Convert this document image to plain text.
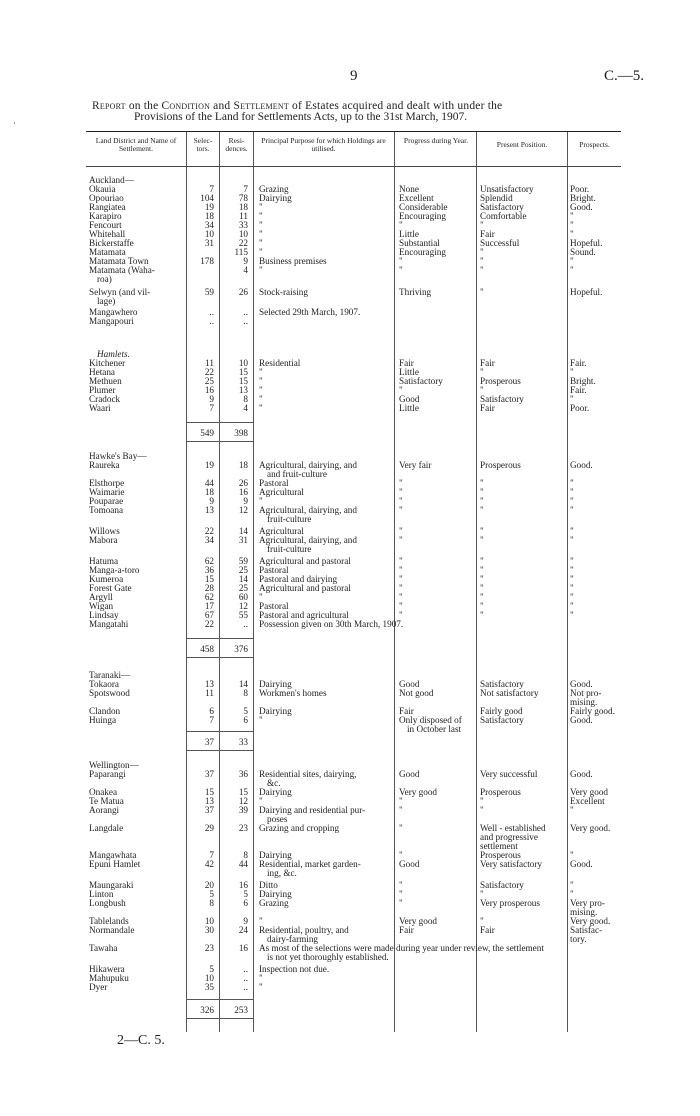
9	C.—5.
·
Report on the Condition and Settlement of Estates acquired and dealt with under the
Provisions of the Land for Settlements Acts, up to the 31st March, 1907.
Land District and Name of Settlement.
Selec- tors.
Resi- dences.
Principal Purpose for which Holdings are utilised.
Progress during Year.	Present Position.	Prospects.
Auckland—
Okauia	7	7 Grazing	None	Unsatisfactory	Poor.
Opouriao	104	78 Dairying	Excellent	Splendid	Bright.
Rangiatea	19	18 "	Considerable	Satisfactory	Good.
Karapiro	18	11 "	Encouraging	Comfortable	"
Fencourt	34	33 "	"	"	"
Whitehall	10	10 "	Little	Fair	"
Bickerstaffe	31	22 "	Substantial	Successful	Hopeful.
Matamata	115 "	Encouraging	"	Sound.
Matamata Town	178	9 Business premises	"	"	"
Matamata (Waha-	4 "	"	"	"
roa)
Selwyn (and vil-	59	26 Stock-raising	Thriving	"	Hopeful.
lage)
Mangawhero	..	.. Selected 29th March, 1907.
Mangapouri	..	..
Hamlets.
Kitchener	11	10 Residential	Fair	Fair	Fair.
Hetana	22	15 "	Little	"	"
Methuen	25	15 "	Satisfactory	Prosperous	Bright.
Plumer	16	13 "	"	"	Fair.
Cradock	9	8 "	Good	Satisfactory	"
Waari	7	4 "	Little	Fair	Poor.
549	398
Hawke's Bay—
Raureka	19	18 Agricultural, dairying, and	Very fair	Prosperous	Good.
and fruit-culture
Elsthorpe	44	26 Pastoral	"	"	"
Waimarie	18	16 Agricultural	"	"	"
Pouparae	9	9 "	"	"	"
Tomoana	13	12 Agricultural, dairying, and	"	"	"
fruit-culture
Willows	22	14 Agricultural	"	"	"
Mabora	34	31 Agricultural, dairying, and	"	"	"
fruit-culture
Hatuma	62	59 Agricultural and pastoral	"	"	"
Manga-a-toro	36	25 Pastoral	"	"	"
Kumeroa	15	14 Pastoral and dairying	"	"	"
Forest Gate	28	25 Agricultural and pastoral	"	"	"
Argyll	62	60 "	"	"	"
Wigan	17	12 Pastoral	"	"	"
Lindsay	67	55 Pastoral and agricultural	"	"	"
Mangatahi	22	.. Possession given on 30th March, 1907.
458	376
Taranaki—
Tokaora	13	14 Dairying	Good	Satisfactory	Good.
Spotswood	11	8 Workmen's homes	Not good	Not satisfactory	Not pro-
mising.
Clandon	6	5 Dairying	Fair	Fairly good	Fairly good.
Huinga	7	6 "	Only disposed of Satisfactory	Good.
in October last
37	33
Wellington—
Paparangi	37	36 Residential sites, dairying,	Good	Very successful	Good.
&c.
Onakea	15	15 Dairying	Very good	Prosperous	Very good
Te Matua	13	12 "	"	"	Excellent
Aorangi	37	39 Dairying and residential pur-	"	"	"
poses
Langdale	29	23 Grazing and cropping	"	Well - established	Very good.
and progressive
settlement
Mangawhata	7	8 Dairying	"	Prosperous	"
Epuni Hamlet	42	44 Residential, market garden-	Good	Very satisfactory	Good.
ing, &c.
Maungaraki	20	16 Ditto	"	Satisfactory	"
Linton	5	5 Dairying	"	"	"
Longbush	8	6 Grazing	"	Very prosperous	Very pro-
mising.
Tablelands	10	9 "	Very good	"	Very good.
Normandale	30	24 Residential, poultry, and	Fair	Fair	Satisfac-
dairy-farming	tory.
Tawaha	23	16 As most of the selections were made during year under review, the settlement
is not yet thoroughly established.
Hikawera	5	.. Inspection not due.
Mahupuku	10	.. "
Dyer	35	.. "
326	253
2—C. 5.
